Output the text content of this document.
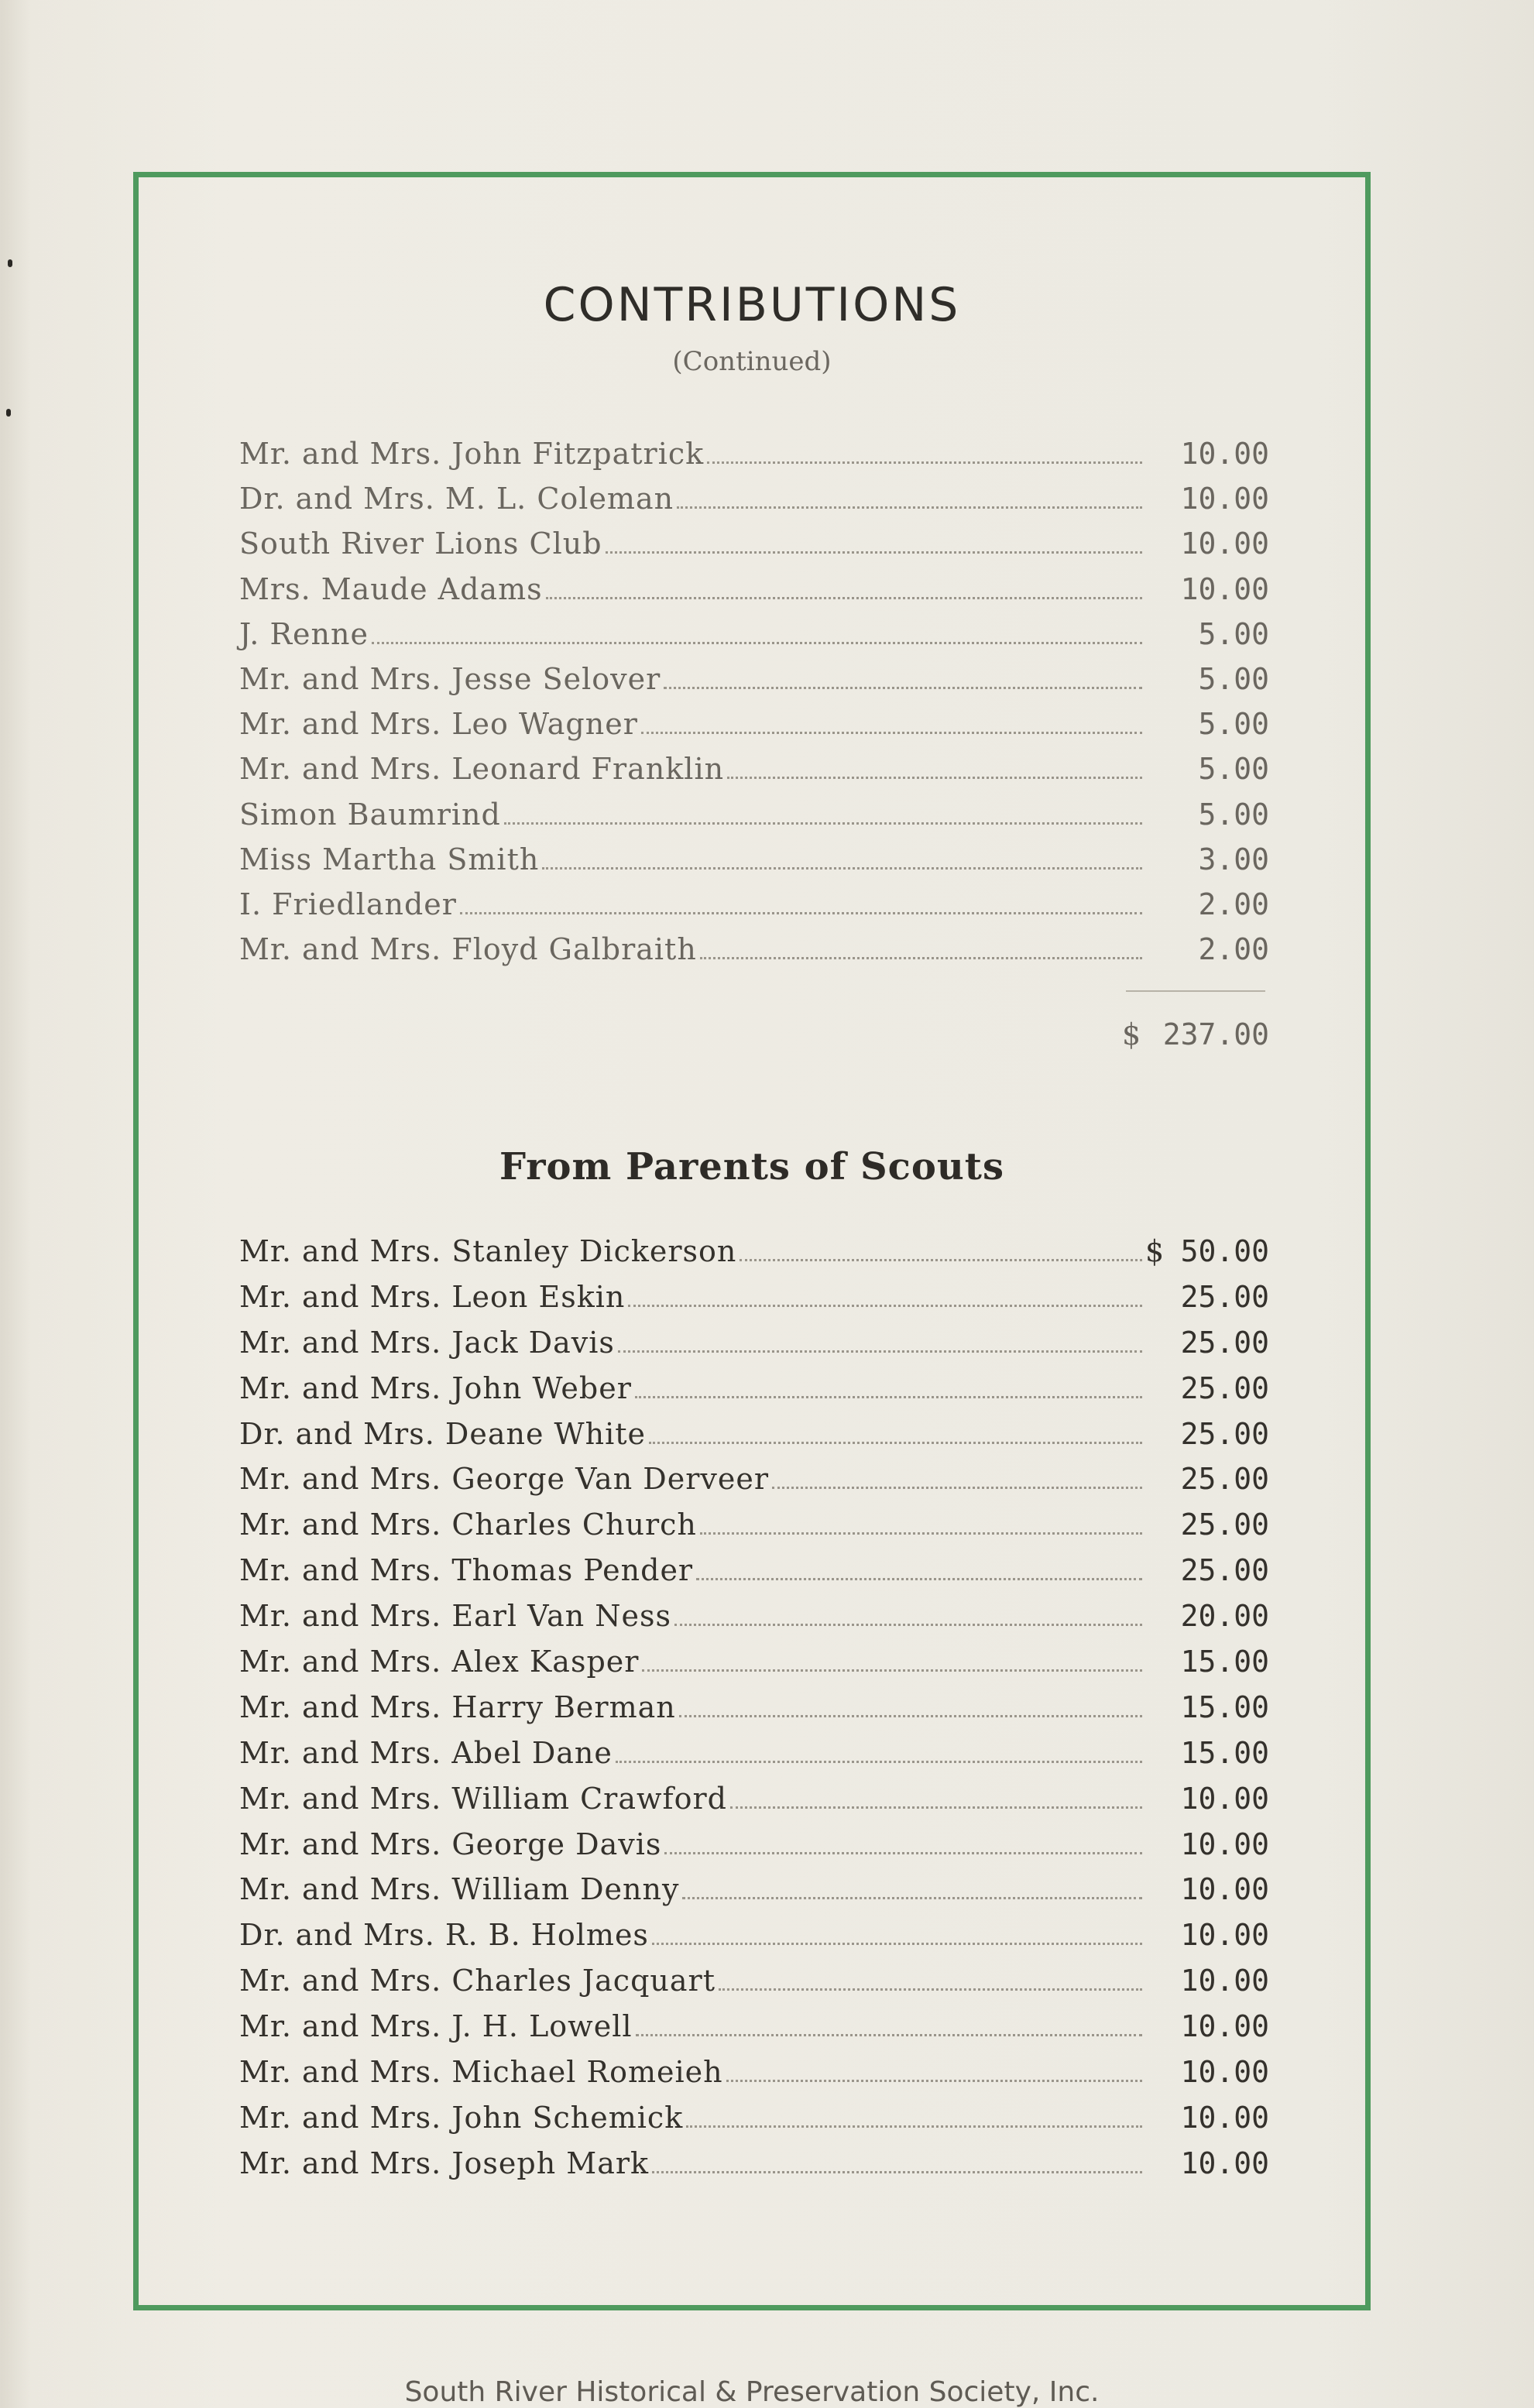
CONTRIBUTIONS
(Continued)
Mr. and Mrs. John Fitzpatrick	10.00
Dr. and Mrs. M. L. Coleman	10.00
South River Lions Club	10.00
Mrs. Maude Adams	10.00
J. Renne	5.00
Mr. and Mrs. Jesse Selover	5.00
Mr. and Mrs. Leo Wagner	5.00
Mr. and Mrs. Leonard Franklin	5.00
Simon Baumrind	5.00
Miss Martha Smith	3.00
I. Friedlander	2.00
Mr. and Mrs. Floyd Galbraith	2.00
$ 237.00
From Parents of Scouts
Mr. and Mrs. Stanley Dickerson	$ 50.00
Mr. and Mrs. Leon Eskin	25.00
Mr. and Mrs. Jack Davis	25.00
Mr. and Mrs. John Weber	25.00
Dr. and Mrs. Deane White	25.00
Mr. and Mrs. George Van Derveer	25.00
Mr. and Mrs. Charles Church	25.00
Mr. and Mrs. Thomas Pender	25.00
Mr. and Mrs. Earl Van Ness	20.00
Mr. and Mrs. Alex Kasper	15.00
Mr. and Mrs. Harry Berman	15.00
Mr. and Mrs. Abel Dane	15.00
Mr. and Mrs. William Crawford	10.00
Mr. and Mrs. George Davis	10.00
Mr. and Mrs. William Denny	10.00
Dr. and Mrs. R. B. Holmes	10.00
Mr. and Mrs. Charles Jacquart	10.00
Mr. and Mrs. J. H. Lowell	10.00
Mr. and Mrs. Michael Romeieh	10.00
Mr. and Mrs. John Schemick	10.00
Mr. and Mrs. Joseph Mark	10.00
South River Historical & Preservation Society, Inc.
